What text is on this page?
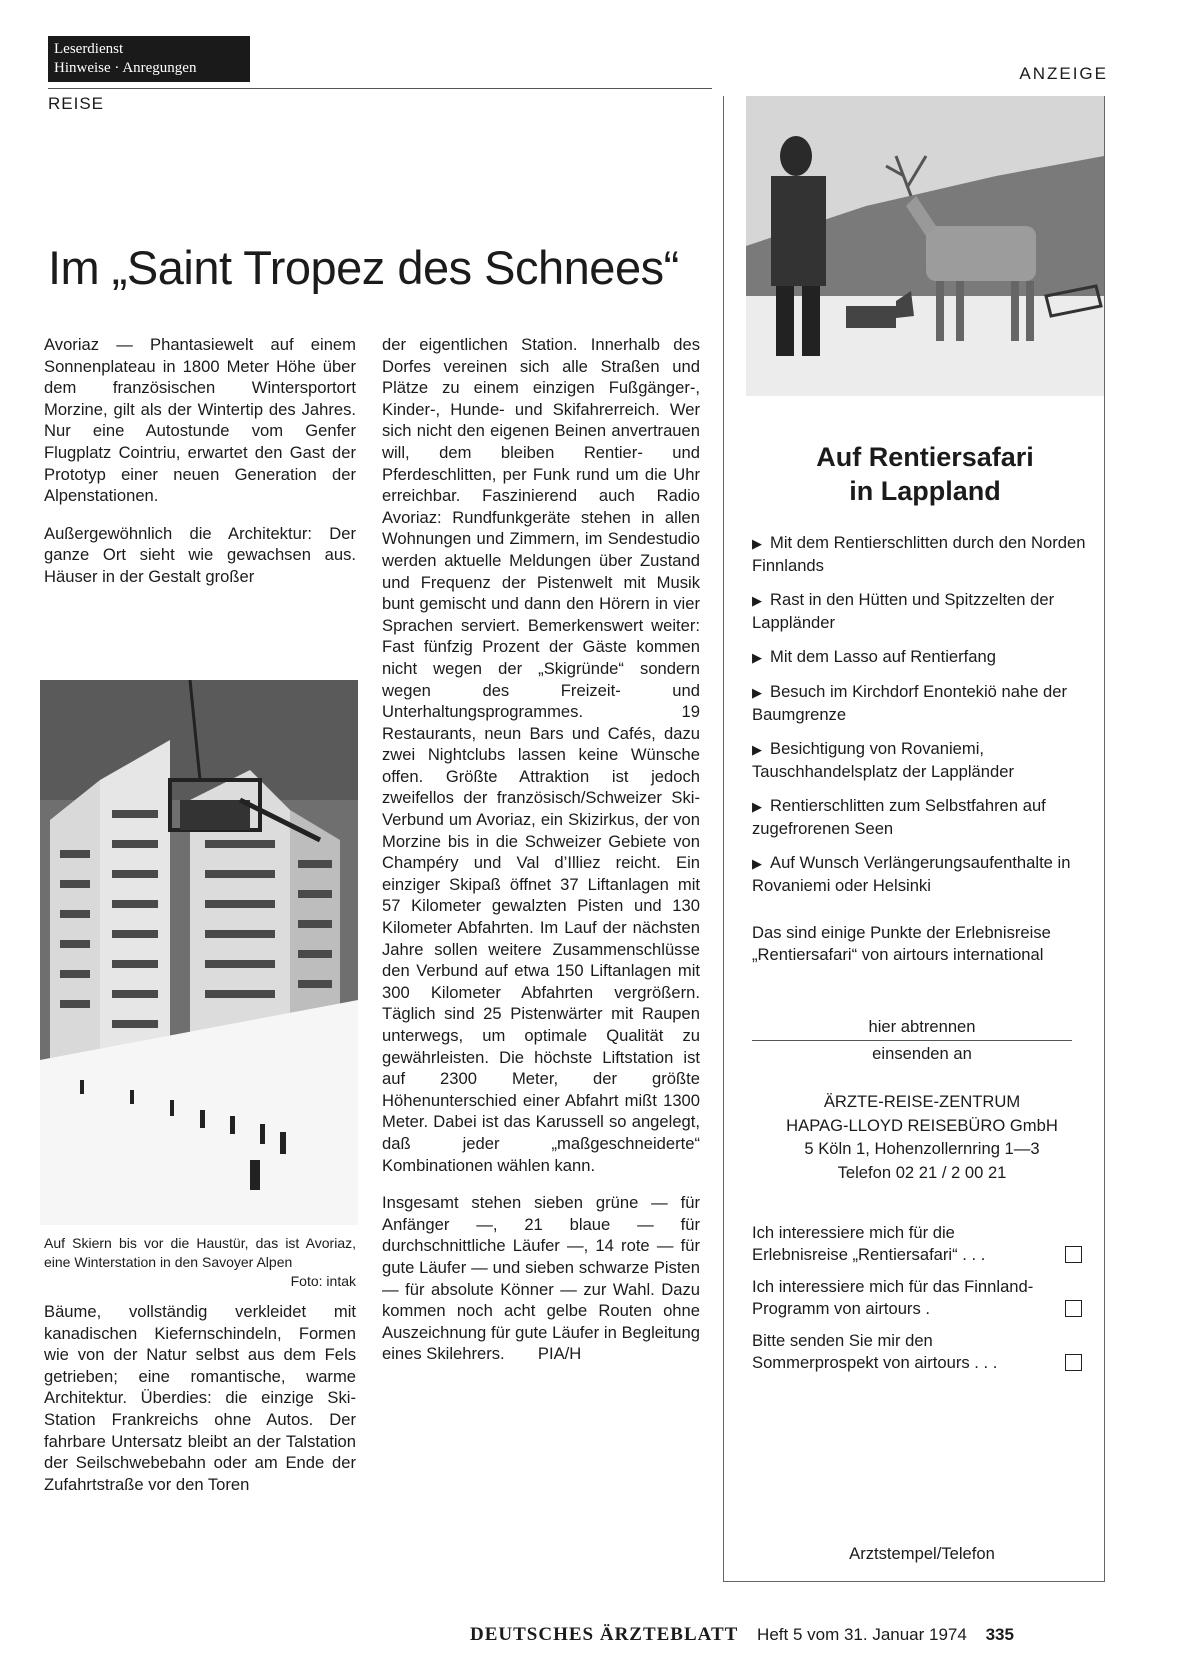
Leserdienst
Hinweise · Anregungen
REISE
ANZEIGE
Im „Saint Tropez des Schnees“

Avoriaz — Phantasiewelt auf einem Sonnenplateau in 1800 Meter Höhe über dem französischen Wintersportort Morzine, gilt als der Wintertip des Jahres. Nur eine Autostunde vom Genfer Flugplatz Cointriu, erwartet den Gast der Prototyp einer neuen Generation der Alpenstationen.

Außergewöhnlich die Architektur: Der ganze Ort sieht wie gewachsen aus. Häuser in der Gestalt großer

Auf Skiern bis vor die Haustür, das ist Avoriaz, eine Winterstation in den Savoyer Alpen
Foto: intak

Bäume, vollständig verkleidet mit kanadischen Kiefernschindeln, Formen wie von der Natur selbst aus dem Fels getrieben; eine romantische, warme Architektur. Überdies: die einzige Ski-Station Frankreichs ohne Autos. Der fahrbare Untersatz bleibt an der Talstation der Seilschwebebahn oder am Ende der Zufahrtstraße vor den Toren

der eigentlichen Station. Innerhalb des Dorfes vereinen sich alle Straßen und Plätze zu einem einzigen Fußgänger-, Kinder-, Hunde- und Skifahrerreich. Wer sich nicht den eigenen Beinen anvertrauen will, dem bleiben Rentier- und Pferdeschlitten, per Funk rund um die Uhr erreichbar. Faszinierend auch Radio Avoriaz: Rundfunkgeräte stehen in allen Wohnungen und Zimmern, im Sendestudio werden aktuelle Meldungen über Zustand und Frequenz der Pistenwelt mit Musik bunt gemischt und dann den Hörern in vier Sprachen serviert. Bemerkenswert weiter: Fast fünfzig Prozent der Gäste kommen nicht wegen der „Skigründe“ sondern wegen des Freizeit- und Unterhaltungsprogrammes. 19 Restaurants, neun Bars und Cafés, dazu zwei Nightclubs lassen keine Wünsche offen. Größte Attraktion ist jedoch zweifellos der französisch/Schweizer Ski-Verbund um Avoriaz, ein Skizirkus, der von Morzine bis in die Schweizer Gebiete von Champéry und Val d’Illiez reicht. Ein einziger Skipaß öffnet 37 Liftanlagen mit 57 Kilometer gewalzten Pisten und 130 Kilometer Abfahrten. Im Lauf der nächsten Jahre sollen weitere Zusammenschlüsse den Verbund auf etwa 150 Liftanlagen mit 300 Kilometer Abfahrten vergrößern. Täglich sind 25 Pistenwärter mit Raupen unterwegs, um optimale Qualität zu gewährleisten. Die höchste Liftstation ist auf 2300 Meter, der größte Höhenunterschied einer Abfahrt mißt 1300 Meter. Dabei ist das Karussell so angelegt, daß jeder „maßgeschneiderte“ Kombinationen wählen kann.

Insgesamt stehen sieben grüne — für Anfänger —, 21 blaue — für durchschnittliche Läufer —, 14 rote — für gute Läufer — und sieben schwarze Pisten — für absolute Könner — zur Wahl. Dazu kommen noch acht gelbe Routen ohne Auszeichnung für gute Läufer in Begleitung eines Skilehrers. PIA/H

Auf Rentiersafari
in Lappland
▶ Mit dem Rentierschlitten durch den Norden Finnlands
▶ Rast in den Hütten und Spitzzelten der Lappländer
▶ Mit dem Lasso auf Rentierfang
▶ Besuch im Kirchdorf Enontekiö nahe der Baumgrenze
▶ Besichtigung von Rovaniemi, Tauschhandelsplatz der Lappländer
▶ Rentierschlitten zum Selbstfahren auf zugefrorenen Seen
▶ Auf Wunsch Verlängerungsaufenthalte in Rovaniemi oder Helsinki
Das sind einige Punkte der Erlebnisreise „Rentiersafari“ von airtours international
hier abtrennen
einsenden an
ÄRZTE-REISE-ZENTRUM
HAPAG-LLOYD REISEBÜRO GmbH
5 Köln 1, Hohenzollernring 1—3
Telefon 02 21 / 2 00 21
Ich interessiere mich für die Erlebnisreise „Rentiersafari“ . . .
Ich interessiere mich für das Finnland-Programm von airtours .
Bitte senden Sie mir den Sommerprospekt von airtours . . .
Arztstempel/Telefon
DEUTSCHES ÄRZTEBLATT Heft 5 vom 31. Januar 1974 335
